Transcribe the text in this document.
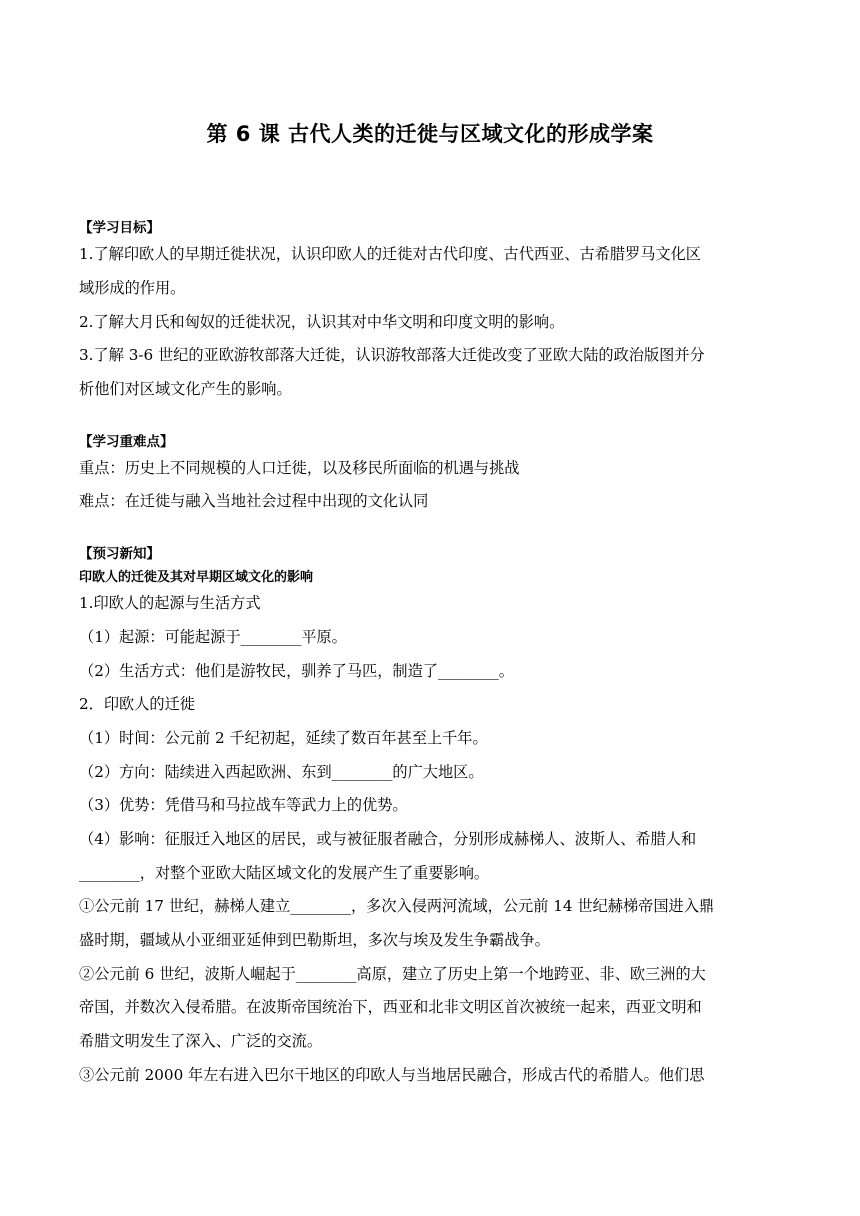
第 6 课 古代人类的迁徙与区域文化的形成学案

【学习目标】

1.了解印欧人的早期迁徙状况，认识印欧人的迁徙对古代印度、古代西亚、古希腊罗马文化区

域形成的作用。

2.了解大月氏和匈奴的迁徙状况，认识其对中华文明和印度文明的影响。

3.了解 3-6 世纪的亚欧游牧部落大迁徙，认识游牧部落大迁徙改变了亚欧大陆的政治版图并分

析他们对区域文化产生的影响。

【学习重难点】

重点：历史上不同规模的人口迁徙，以及移民所面临的机遇与挑战

难点：在迁徙与融入当地社会过程中出现的文化认同

【预习新知】

印欧人的迁徙及其对早期区域文化的影响

1.印欧人的起源与生活方式

（1）起源：可能起源于________平原。

（2）生活方式：他们是游牧民，驯养了马匹，制造了________。

2．印欧人的迁徙

（1）时间：公元前 2 千纪初起，延续了数百年甚至上千年。

（2）方向：陆续进入西起欧洲、东到________的广大地区。

（3）优势：凭借马和马拉战车等武力上的优势。

（4）影响：征服迁入地区的居民，或与被征服者融合，分别形成赫梯人、波斯人、希腊人和

________，对整个亚欧大陆区域文化的发展产生了重要影响。

①公元前 17 世纪，赫梯人建立________，多次入侵两河流域，公元前 14 世纪赫梯帝国进入鼎

盛时期，疆域从小亚细亚延伸到巴勒斯坦，多次与埃及发生争霸战争。

②公元前 6 世纪，波斯人崛起于________高原，建立了历史上第一个地跨亚、非、欧三洲的大

帝国，并数次入侵希腊。在波斯帝国统治下，西亚和北非文明区首次被统一起来，西亚文明和

希腊文明发生了深入、广泛的交流。

③公元前 2000 年左右进入巴尔干地区的印欧人与当地居民融合，形成古代的希腊人。他们思
